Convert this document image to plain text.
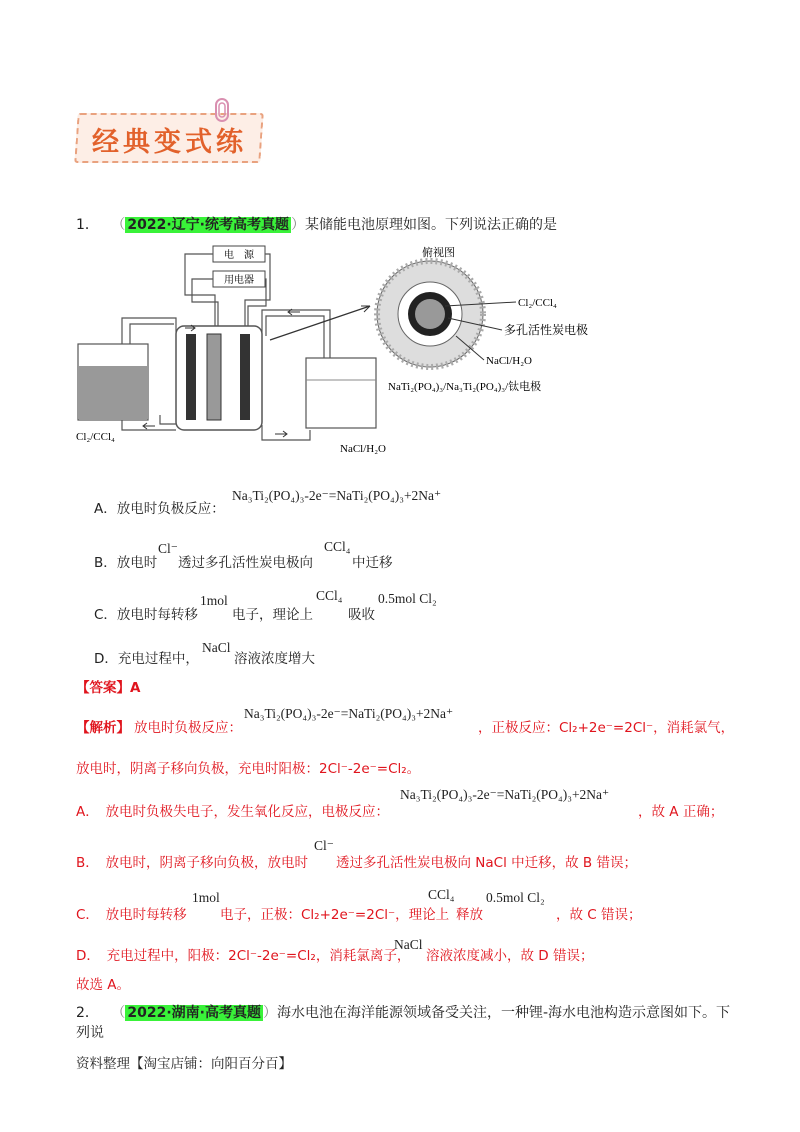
经典变式练
1． （ 2022·辽宁·统考高考真题 ）某储能电池原理如图。下列说法正确的是
电　源
用电器
Cl₂/CCl₄
NaCl/H₂O
俯视图
Cl₂/CCl₄
多孔活性炭电极
NaCl/H₂O
NaTi₂(PO₄)₃/Na₃Ti₂(PO₄)₃/钛电极
A．放电时负极反应：
Na₃Ti₂(PO₄)₃-2e⁻=NaTi₂(PO₄)₃+2Na⁺
B．放电时
Cl⁻
透过多孔活性炭电极向
CCl₄
中迁移
C．放电时每转移
1mol
电子，理论上
CCl₄
吸收
0.5mol Cl₂
D．充电过程中，
NaCl
溶液浓度增大
【答案】A
【解析】 放电时负极反应：
Na₃Ti₂(PO₄)₃-2e⁻=NaTi₂(PO₄)₃+2Na⁺
，正极反应：Cl₂+2e⁻=2Cl⁻，消耗氯气，
放电时，阴离子移向负极，充电时阳极：2Cl⁻-2e⁻=Cl₂。
A．　放电时负极失电子，发生氧化反应，电极反应：
Na₃Ti₂(PO₄)₃-2e⁻=NaTi₂(PO₄)₃+2Na⁺
，故 A 正确；
B．　放电时，阴离子移向负极，放电时
Cl⁻
透过多孔活性炭电极向 NaCl 中迁移，故 B 错误；
C．　放电时每转移
1mol
电子，正极：Cl₂+2e⁻=2Cl⁻，理论上
CCl₄
释放
0.5mol Cl₂
，故 C 错误；
D．　充电过程中，阳极：2Cl⁻-2e⁻=Cl₂，消耗氯离子，
NaCl
溶液浓度减小，故 D 错误；
故选 A。
2． （ 2022·湖南·高考真题 ）海水电池在海洋能源领域备受关注，一种锂-海水电池构造示意图如下。下列说
资料整理【淘宝店铺：向阳百分百】
